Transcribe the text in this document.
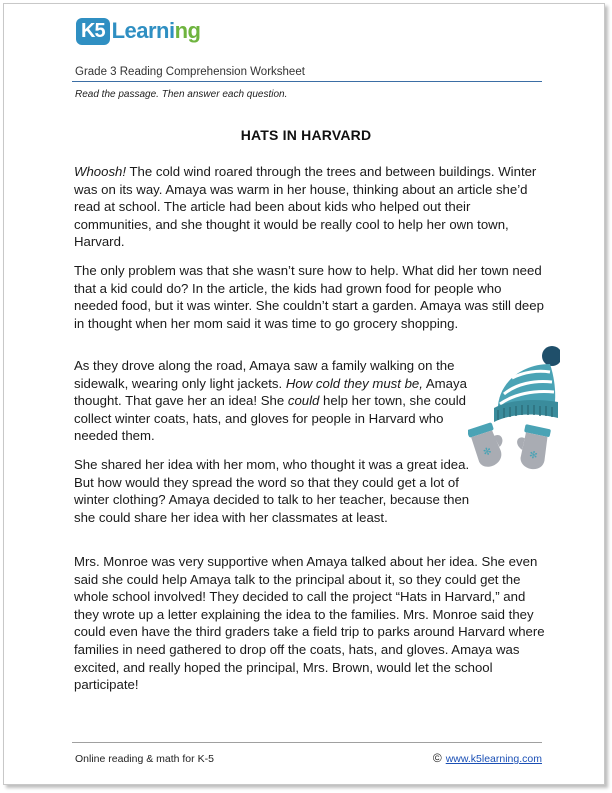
K5 Learning
Grade 3 Reading Comprehension Worksheet
Read the passage. Then answer each question.
HATS IN HARVARD

Whoosh! The cold wind roared through the trees and between buildings. Winter was on its way. Amaya was warm in her house, thinking about an article she’d read at school. The article had been about kids who helped out their communities, and she thought it would be really cool to help her own town, Harvard.

The only problem was that she wasn’t sure how to help. What did her town need that a kid could do? In the article, the kids had grown food for people who needed food, but it was winter. She couldn’t start a garden. Amaya was still deep in thought when her mom said it was time to go grocery shopping.

As they drove along the road, Amaya saw a family walking on the sidewalk, wearing only light jackets. How cold they must be, Amaya thought. That gave her an idea! She could help her town, she could collect winter coats, hats, and gloves for people in Harvard who needed them.

✻	✻

She shared her idea with her mom, who thought it was a great idea. But how would they spread the word so that they could get a lot of winter clothing? Amaya decided to talk to her teacher, because then she could share her idea with her classmates at least.

Mrs. Monroe was very supportive when Amaya talked about her idea. She even said she could help Amaya talk to the principal about it, so they could get the whole school involved! They decided to call the project “Hats in Harvard,” and they wrote up a letter explaining the idea to the families. Mrs. Monroe said they could even have the third graders take a field trip to parks around Harvard where families in need gathered to drop off the coats, hats, and gloves. Amaya was excited, and really hoped the principal, Mrs. Brown, would let the school participate!

Online reading & math for K-5	© www.k5learning.com
